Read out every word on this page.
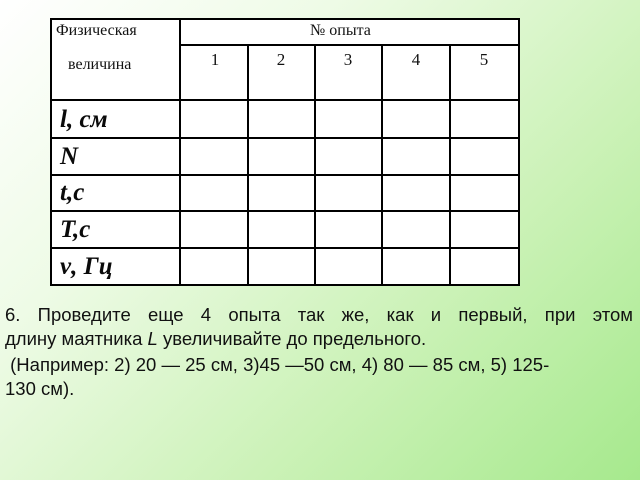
Физическая
величина
№ опыта
1	2	3	4	5
l, см
N
t,c
T,c
ν, Гц
6. Проведите еще 4 опыта так же, как и первый, при этом
длину маятника L увеличивайте до предельного.
(Например: 2) 20 — 25 см, 3)45 —50 см, 4) 80 — 85 см, 5) 125-
130 см).
